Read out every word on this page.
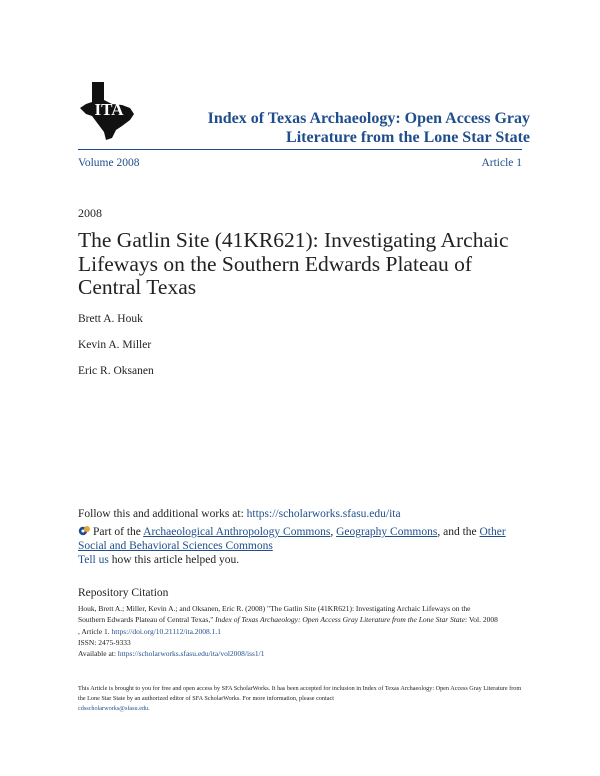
ITA	Index of Texas Archaeology: Open Access Gray
Literature from the Lone Star State
Volume 2008	Article 1
2008
The Gatlin Site (41KR621): Investigating Archaic Lifeways on the Southern Edwards Plateau of Central Texas
Brett A. Houk
Kevin A. Miller
Eric R. Oksanen
Follow this and additional works at: https://scholarworks.sfasu.edu/ita
Part of the Archaeological Anthropology Commons, Geography Commons, and the Other Social and Behavioral Sciences Commons
Tell us how this article helped you.
Repository Citation
Houk, Brett A.; Miller, Kevin A.; and Oksanen, Eric R. (2008) "The Gatlin Site (41KR621): Investigating Archaic Lifeways on the
Southern Edwards Plateau of Central Texas," Index of Texas Archaeology: Open Access Gray Literature from the Lone Star State: Vol. 2008
, Article 1. https://doi.org/10.21112/ita.2008.1.1
ISSN: 2475-9333
Available at: https://scholarworks.sfasu.edu/ita/vol2008/iss1/1
This Article is brought to you for free and open access by SFA ScholarWorks. It has been accepted for inclusion in Index of Texas Archaeology: Open Access Gray Literature from the Lone Star State by an authorized editor of SFA ScholarWorks. For more information, please contact
cdsscholarworks@sfasu.edu.
